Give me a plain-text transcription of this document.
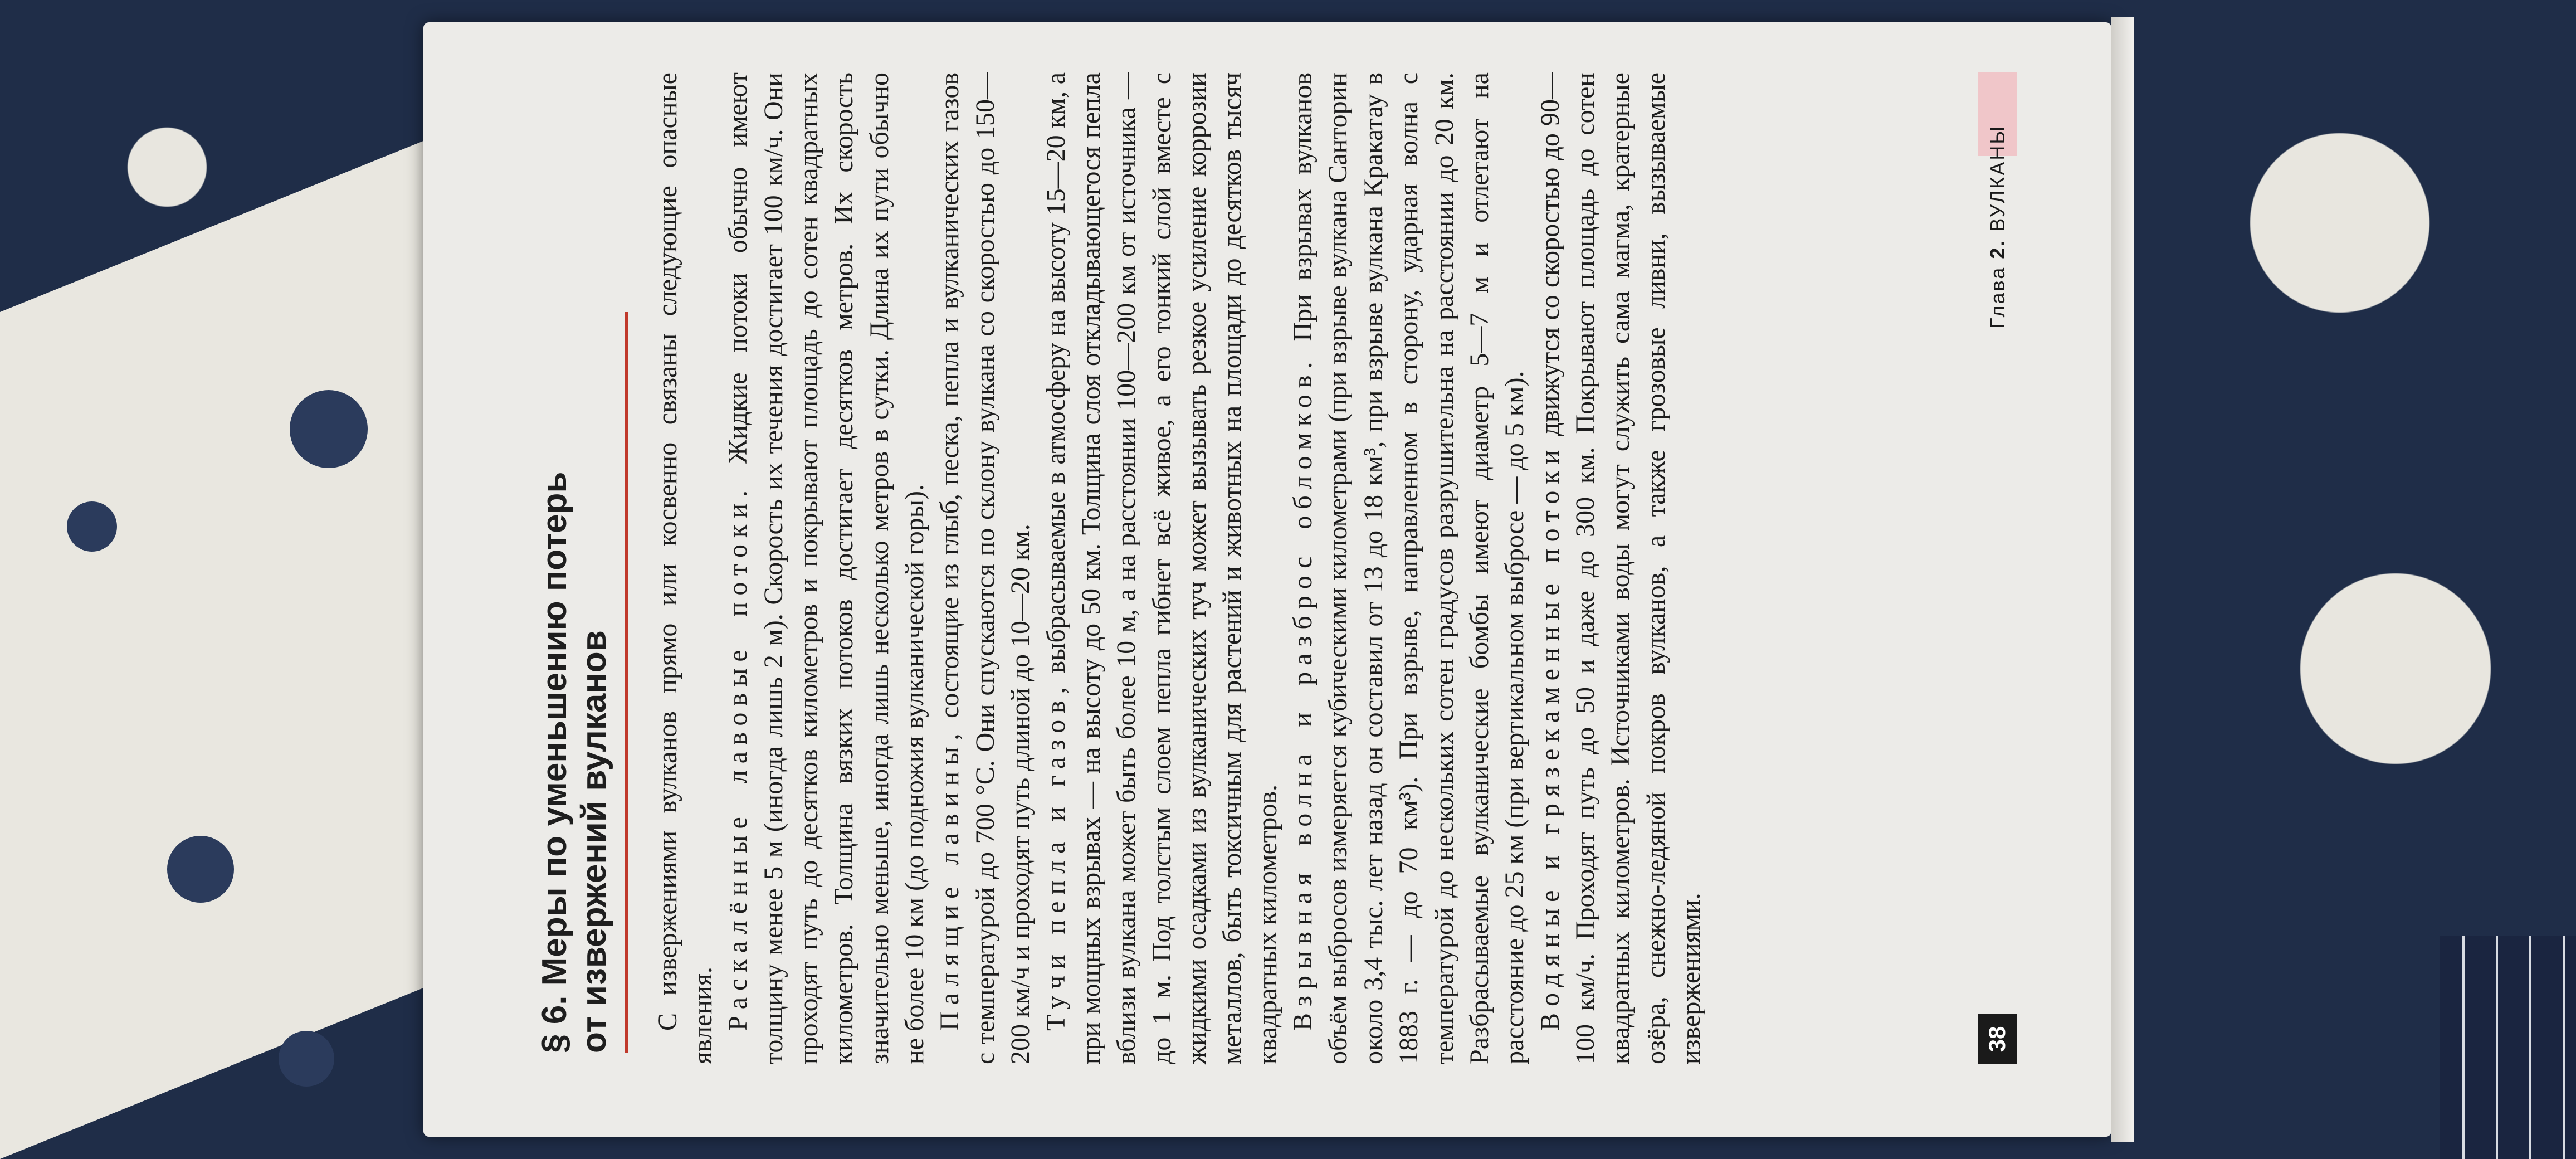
§ 6. Меры по уменьшению потерь от извержений вулканов С извержениями вулканов прямо или косвенно связаны следующие опасные явления. Раскалённые лавовые потоки. Жидкие потоки обычно имеют толщину менее 5 м (иногда лишь 2 м). Скорость их течения достигает 100 км/ч. Они проходят путь до десятков километров и покрывают площадь до сотен квадратных километров. Толщина вязких потоков достигает десятков метров. Их скорость значительно меньше, иногда лишь несколько метров в сутки. Длина их пути обычно не более 10 км (до подножия вулканической горы). Палящие лавины, состоящие из глыб, песка, пепла и вулканических газов с температурой до 700 °С. Они спускаются по склону вулкана со скоростью до 150—200 км/ч и проходят путь длиной до 10—20 км. Тучи пепла и газов, выбрасываемые в атмосферу на высоту 15—20 км, а при мощных взрывах — на высоту до 50 км. Толщина слоя откладывающегося пепла вблизи вулкана может быть более 10 м, а на расстоянии 100—200 км от источника — до 1 м. Под толстым слоем пепла гибнет всё живое, а его тонкий слой вместе с жидкими осадками из вулканических туч может вызывать резкое усиление коррозии металлов, быть токсичным для растений и животных на площади до десятков тысяч квадратных километров. Взрывная волна и разброс обломков. При взрывах вулканов объём выбросов измеряется кубическими километрами (при взрыве вулкана Санторин около 3,4 тыс. лет назад он составил от 13 до 18 км³, при взрыве вулкана Кракатау в 1883 г. — до 70 км³). При взрыве, направленном в сторону, ударная волна с температурой до нескольких сотен градусов разрушительна на расстоянии до 20 км. Разбрасываемые вулканические бомбы имеют диаметр 5—7 м и отлетают на расстояние до 25 км (при вертикальном выбросе — до 5 км). Водяные и грязекаменные потоки движутся со скоростью до 90—100 км/ч. Проходят путь до 50 и даже до 300 км. Покрывают площадь до сотен квадратных километров. Источниками воды могут служить сама магма, кратерные озёра, снежно-ледяной покров вулканов, а также грозовые ливни, вызываемые извержениями.	38
Глава 2. ВУЛКАНЫ
